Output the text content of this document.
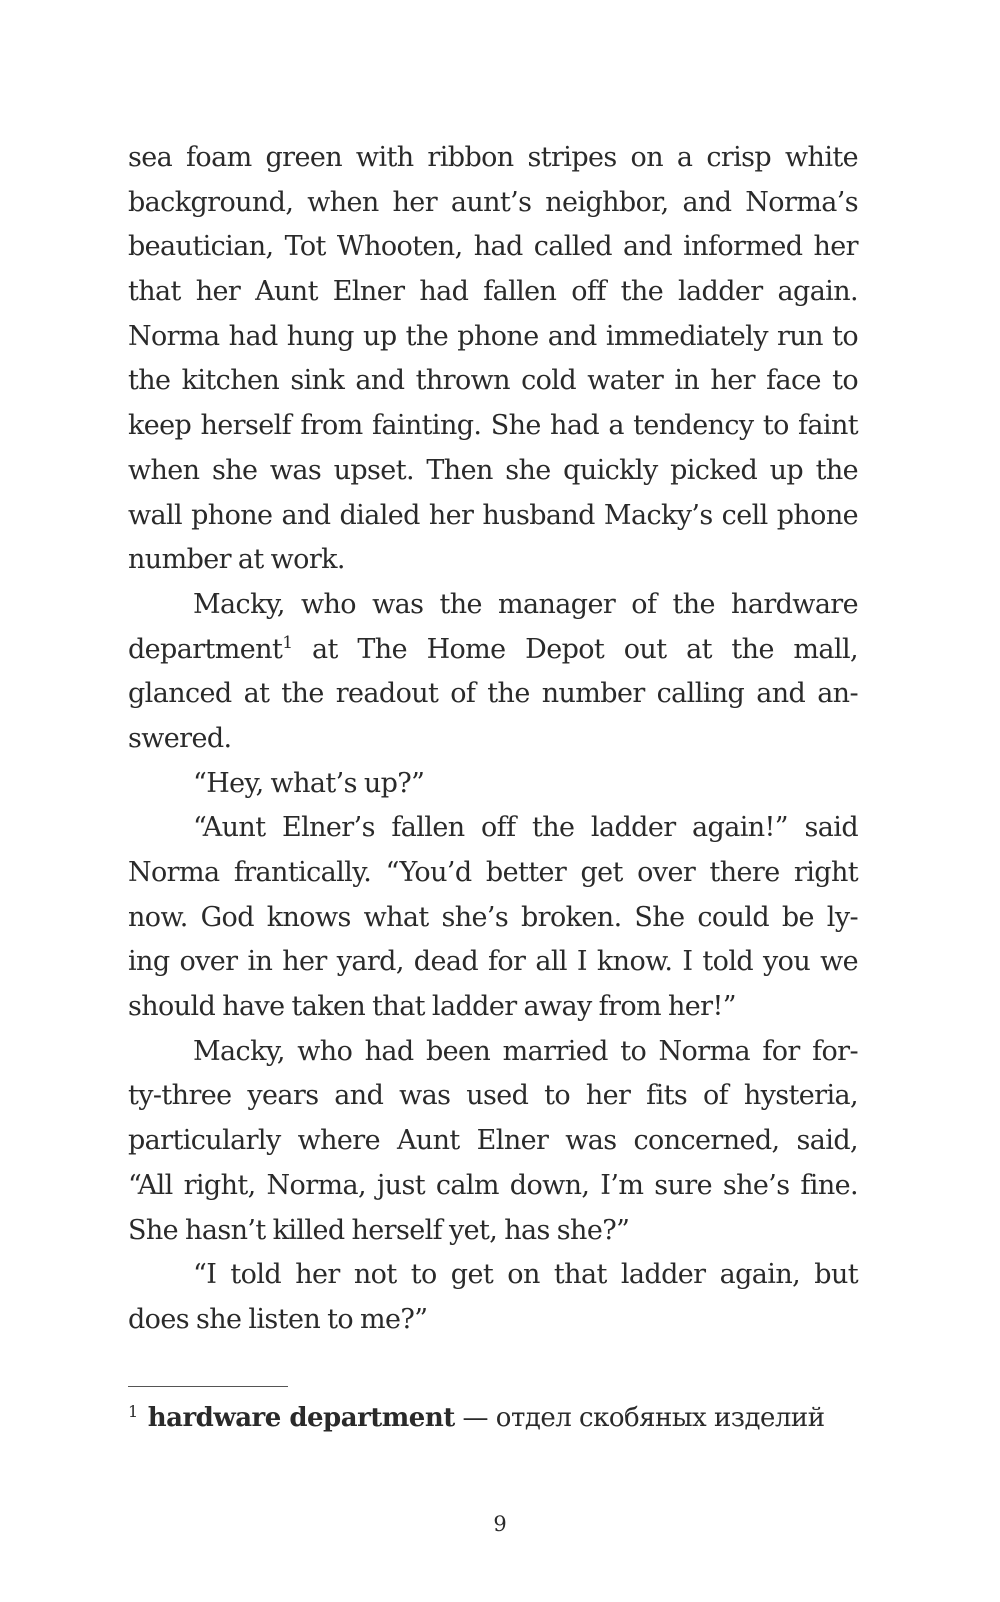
sea foam green with ribbon stripes on a crisp white
background, when her aunt’s neighbor, and Norma’s
beautician, Tot Whooten, had called and informed her
that her Aunt Elner had fallen off the ladder again.
Norma had hung up the phone and immediately run to
the kitchen sink and thrown cold water in her face to
keep herself from fainting. She had a tendency to faint
when she was upset. Then she quickly picked up the
wall phone and dialed her husband Macky’s cell phone
number at work.
Macky, who was the manager of the hardware
department$^1$ at The Home Depot out at the mall,
glanced at the readout of the number calling and an-
swered.
“Hey, what’s up?”
“Aunt Elner’s fallen off the ladder again!” said
Norma frantically. “You’d better get over there right
now. God knows what she’s broken. She could be ly-
ing over in her yard, dead for all I know. I told you we
should have taken that ladder away from her!”
Macky, who had been married to Norma for for-
ty-three years and was used to her fits of hysteria,
particularly where Aunt Elner was concerned, said,
“All right, Norma, just calm down, I’m sure she’s fine.
She hasn’t killed herself yet, has she?”
“I told her not to get on that ladder again, but
does she listen to me?”
$^1$ hardware department — отдел скобяных изделий
9
